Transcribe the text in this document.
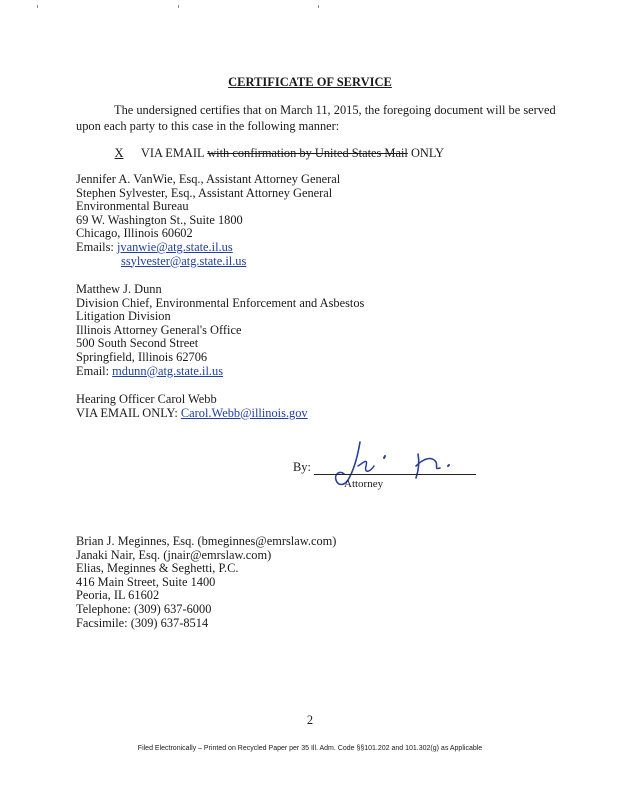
CERTIFICATE OF SERVICE
The undersigned certifies that on March 11, 2015, the foregoing document will be served
upon each party to this case in the following manner:
X VIA EMAIL with confirmation by United States Mail ONLY
Jennifer A. VanWie, Esq., Assistant Attorney General
Stephen Sylvester, Esq., Assistant Attorney General
Environmental Bureau
69 W. Washington St., Suite 1800
Chicago, Illinois 60602
Emails: jvanwie@atg.state.il.us
ssylvester@atg.state.il.us
Matthew J. Dunn
Division Chief, Environmental Enforcement and Asbestos
Litigation Division
Illinois Attorney General's Office
500 South Second Street
Springfield, Illinois 62706
Email: mdunn@atg.state.il.us
Hearing Officer Carol Webb
VIA EMAIL ONLY: Carol.Webb@illinois.gov
By:
Attorney
Brian J. Meginnes, Esq. (bmeginnes@emrslaw.com)
Janaki Nair, Esq. (jnair@emrslaw.com)
Elias, Meginnes & Seghetti, P.C.
416 Main Street, Suite 1400
Peoria, IL 61602
Telephone: (309) 637-6000
Facsimile: (309) 637-8514
2
Filed Electronically – Printed on Recycled Paper per 35 Ill. Adm. Code §§101.202 and 101.302(g) as Applicable
